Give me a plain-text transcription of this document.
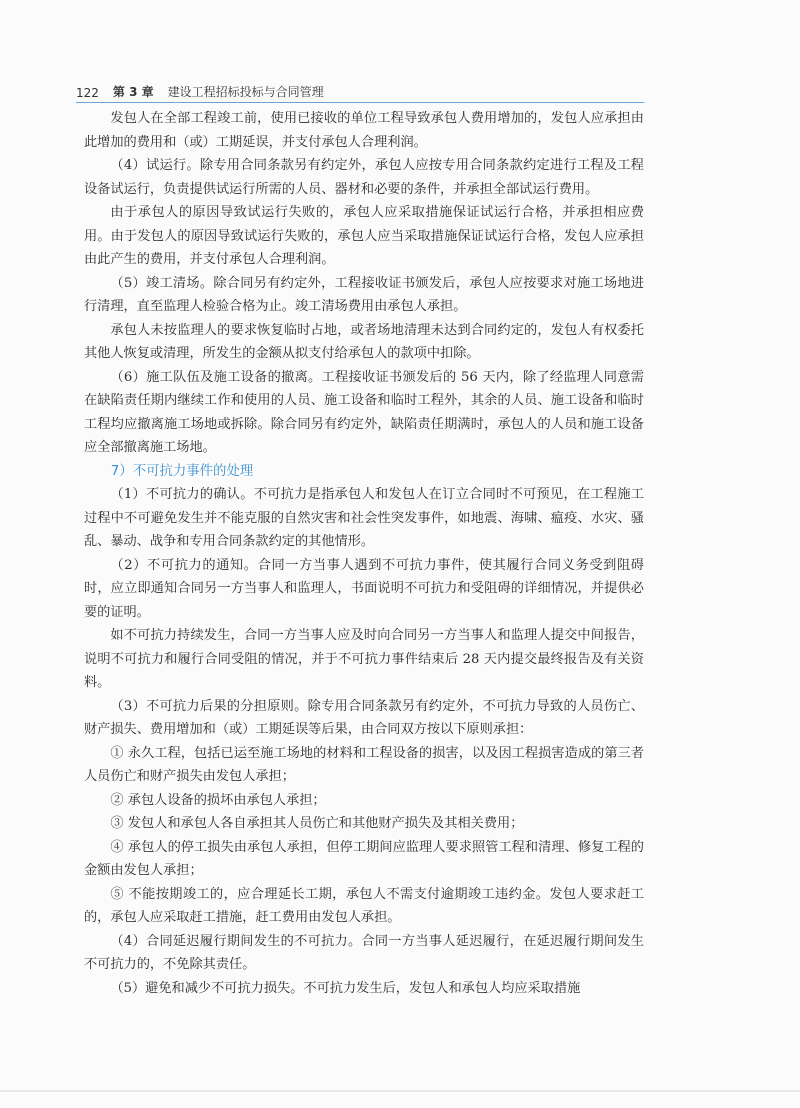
122 第 3 章 建设工程招标投标与合同管理

发包人在全部工程竣工前，使用已接收的单位工程导致承包人费用增加的，发包人应承担由此增加的费用和（或）工期延误，并支付承包人合理利润。

（4）试运行。除专用合同条款另有约定外，承包人应按专用合同条款约定进行工程及工程设备试运行，负责提供试运行所需的人员、器材和必要的条件，并承担全部试运行费用。

由于承包人的原因导致试运行失败的，承包人应采取措施保证试运行合格，并承担相应费用。由于发包人的原因导致试运行失败的，承包人应当采取措施保证试运行合格，发包人应承担由此产生的费用，并支付承包人合理利润。

（5）竣工清场。除合同另有约定外，工程接收证书颁发后，承包人应按要求对施工场地进行清理，直至监理人检验合格为止。竣工清场费用由承包人承担。

承包人未按监理人的要求恢复临时占地，或者场地清理未达到合同约定的，发包人有权委托其他人恢复或清理，所发生的金额从拟支付给承包人的款项中扣除。

（6）施工队伍及施工设备的撤离。工程接收证书颁发后的 56 天内，除了经监理人同意需在缺陷责任期内继续工作和使用的人员、施工设备和临时工程外，其余的人员、施工设备和临时工程均应撤离施工场地或拆除。除合同另有约定外，缺陷责任期满时，承包人的人员和施工设备应全部撤离施工场地。

7）不可抗力事件的处理

（1）不可抗力的确认。不可抗力是指承包人和发包人在订立合同时不可预见，在工程施工过程中不可避免发生并不能克服的自然灾害和社会性突发事件，如地震、海啸、瘟疫、水灾、骚乱、暴动、战争和专用合同条款约定的其他情形。

（2）不可抗力的通知。合同一方当事人遇到不可抗力事件，使其履行合同义务受到阻碍时，应立即通知合同另一方当事人和监理人，书面说明不可抗力和受阻碍的详细情况，并提供必要的证明。

如不可抗力持续发生，合同一方当事人应及时向合同另一方当事人和监理人提交中间报告，说明不可抗力和履行合同受阻的情况，并于不可抗力事件结束后 28 天内提交最终报告及有关资料。

（3）不可抗力后果的分担原则。除专用合同条款另有约定外，不可抗力导致的人员伤亡、财产损失、费用增加和（或）工期延误等后果，由合同双方按以下原则承担：

① 永久工程，包括已运至施工场地的材料和工程设备的损害，以及因工程损害造成的第三者人员伤亡和财产损失由发包人承担；

② 承包人设备的损坏由承包人承担；

③ 发包人和承包人各自承担其人员伤亡和其他财产损失及其相关费用；

④ 承包人的停工损失由承包人承担，但停工期间应监理人要求照管工程和清理、修复工程的金额由发包人承担；

⑤ 不能按期竣工的，应合理延长工期，承包人不需支付逾期竣工违约金。发包人要求赶工的，承包人应采取赶工措施，赶工费用由发包人承担。

（4）合同延迟履行期间发生的不可抗力。合同一方当事人延迟履行，在延迟履行期间发生不可抗力的，不免除其责任。

（5）避免和减少不可抗力损失。不可抗力发生后，发包人和承包人均应采取措施
